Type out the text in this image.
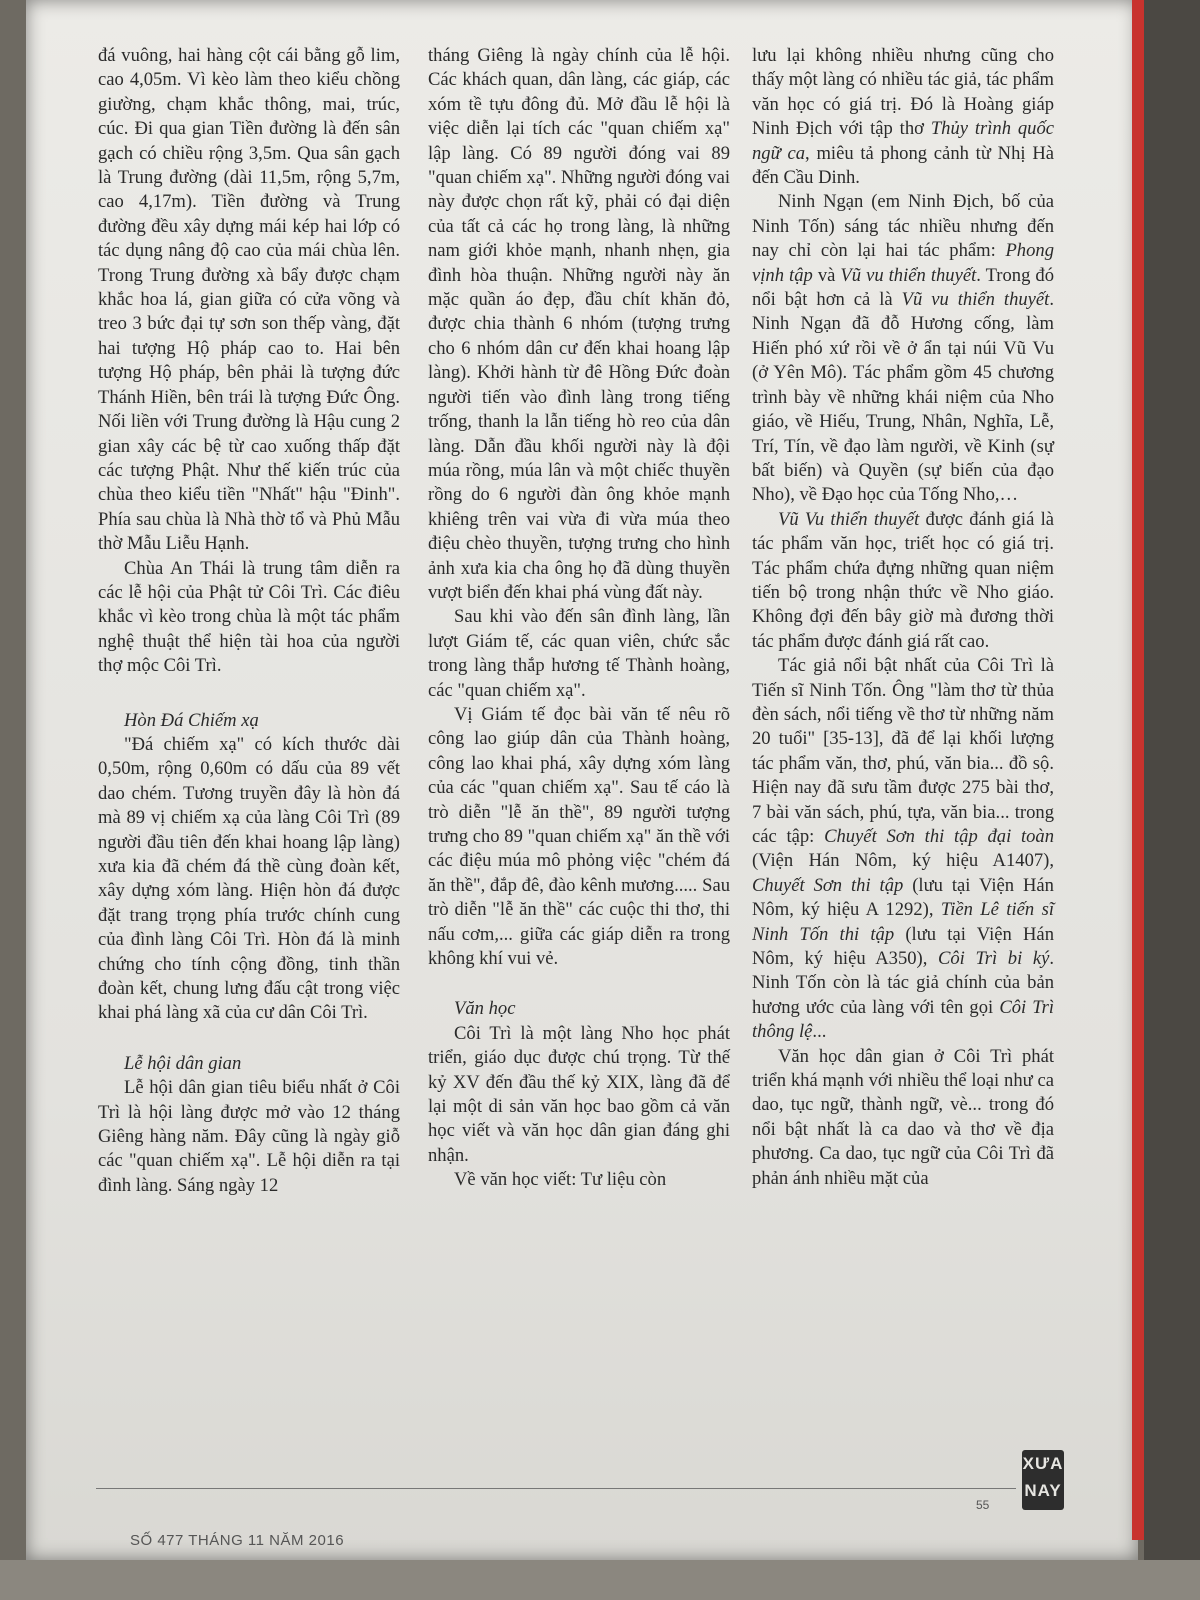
đá vuông, hai hàng cột cái bằng gỗ lim, cao 4,05m. Vì kèo làm theo kiểu chồng giường, chạm khắc thông, mai, trúc, cúc. Đi qua gian Tiền đường là đến sân gạch có chiều rộng 3,5m. Qua sân gạch là Trung đường (dài 11,5m, rộng 5,7m, cao 4,17m). Tiền đường và Trung đường đều xây dựng mái kép hai lớp có tác dụng nâng độ cao của mái chùa lên. Trong Trung đường xà bẩy được chạm khắc hoa lá, gian giữa có cửa võng và treo 3 bức đại tự sơn son thếp vàng, đặt hai tượng Hộ pháp cao to. Hai bên tượng Hộ pháp, bên phải là tượng đức Thánh Hiền, bên trái là tượng Đức Ông. Nối liền với Trung đường là Hậu cung 2 gian xây các bệ từ cao xuống thấp đặt các tượng Phật. Như thế kiến trúc của chùa theo kiểu tiền "Nhất" hậu "Đinh". Phía sau chùa là Nhà thờ tổ và Phủ Mẫu thờ Mẫu Liễu Hạnh.

Chùa An Thái là trung tâm diễn ra các lễ hội của Phật tử Côi Trì. Các điêu khắc vì kèo trong chùa là một tác phẩm nghệ thuật thể hiện tài hoa của người thợ mộc Côi Trì.

Hòn Đá Chiếm xạ

"Đá chiếm xạ" có kích thước dài 0,50m, rộng 0,60m có dấu của 89 vết dao chém. Tương truyền đây là hòn đá mà 89 vị chiếm xạ của làng Côi Trì (89 người đầu tiên đến khai hoang lập làng) xưa kia đã chém đá thề cùng đoàn kết, xây dựng xóm làng. Hiện hòn đá được đặt trang trọng phía trước chính cung của đình làng Côi Trì. Hòn đá là minh chứng cho tính cộng đồng, tinh thần đoàn kết, chung lưng đấu cật trong việc khai phá làng xã của cư dân Côi Trì.

Lễ hội dân gian

Lễ hội dân gian tiêu biểu nhất ở Côi Trì là hội làng được mở vào 12 tháng Giêng hàng năm. Đây cũng là ngày giỗ các "quan chiếm xạ". Lễ hội diễn ra tại đình làng. Sáng ngày 12

tháng Giêng là ngày chính của lễ hội. Các khách quan, dân làng, các giáp, các xóm tề tựu đông đủ. Mở đầu lễ hội là việc diễn lại tích các "quan chiếm xạ" lập làng. Có 89 người đóng vai 89 "quan chiếm xạ". Những người đóng vai này được chọn rất kỹ, phải có đại diện của tất cả các họ trong làng, là những nam giới khỏe mạnh, nhanh nhẹn, gia đình hòa thuận. Những người này ăn mặc quần áo đẹp, đầu chít khăn đỏ, được chia thành 6 nhóm (tượng trưng cho 6 nhóm dân cư đến khai hoang lập làng). Khởi hành từ đê Hồng Đức đoàn người tiến vào đình làng trong tiếng trống, thanh la lẫn tiếng hò reo của dân làng. Dẫn đầu khối người này là đội múa rồng, múa lân và một chiếc thuyền rồng do 6 người đàn ông khỏe mạnh khiêng trên vai vừa đi vừa múa theo điệu chèo thuyền, tượng trưng cho hình ảnh xưa kia cha ông họ đã dùng thuyền vượt biển đến khai phá vùng đất này.

Sau khi vào đến sân đình làng, lần lượt Giám tế, các quan viên, chức sắc trong làng thắp hương tế Thành hoàng, các "quan chiếm xạ".

Vị Giám tế đọc bài văn tế nêu rõ công lao giúp dân của Thành hoàng, công lao khai phá, xây dựng xóm làng của các "quan chiếm xạ". Sau tế cáo là trò diễn "lễ ăn thề", 89 người tượng trưng cho 89 "quan chiếm xạ" ăn thề với các điệu múa mô phỏng việc "chém đá ăn thề", đắp đê, đào kênh mương..... Sau trò diễn "lễ ăn thề" các cuộc thi thơ, thi nấu cơm,... giữa các giáp diễn ra trong không khí vui vẻ.

Văn học

Côi Trì là một làng Nho học phát triển, giáo dục được chú trọng. Từ thế kỷ XV đến đầu thế kỷ XIX, làng đã để lại một di sản văn học bao gồm cả văn học viết và văn học dân gian đáng ghi nhận.

Về văn học viết: Tư liệu còn

lưu lại không nhiều nhưng cũng cho thấy một làng có nhiều tác giả, tác phẩm văn học có giá trị. Đó là Hoàng giáp Ninh Địch với tập thơ Thủy trình quốc ngữ ca, miêu tả phong cảnh từ Nhị Hà đến Cầu Dinh.

Ninh Ngạn (em Ninh Địch, bố của Ninh Tốn) sáng tác nhiều nhưng đến nay chỉ còn lại hai tác phẩm: Phong vịnh tập và Vũ vu thiển thuyết. Trong đó nổi bật hơn cả là Vũ vu thiển thuyết. Ninh Ngạn đã đỗ Hương cống, làm Hiến phó xứ rồi về ở ẩn tại núi Vũ Vu (ở Yên Mô). Tác phẩm gồm 45 chương trình bày về những khái niệm của Nho giáo, về Hiếu, Trung, Nhân, Nghĩa, Lễ, Trí, Tín, về đạo làm người, về Kinh (sự bất biến) và Quyền (sự biến của đạo Nho), về Đạo học của Tống Nho,…

Vũ Vu thiển thuyết được đánh giá là tác phẩm văn học, triết học có giá trị. Tác phẩm chứa đựng những quan niệm tiến bộ trong nhận thức về Nho giáo. Không đợi đến bây giờ mà đương thời tác phẩm được đánh giá rất cao.

Tác giả nổi bật nhất của Côi Trì là Tiến sĩ Ninh Tốn. Ông "làm thơ từ thủa đèn sách, nổi tiếng về thơ từ những năm 20 tuổi" [35-13], đã để lại khối lượng tác phẩm văn, thơ, phú, văn bia... đồ sộ. Hiện nay đã sưu tầm được 275 bài thơ, 7 bài văn sách, phú, tựa, văn bia... trong các tập: Chuyết Sơn thi tập đại toàn (Viện Hán Nôm, ký hiệu A1407), Chuyết Sơn thi tập (lưu tại Viện Hán Nôm, ký hiệu A 1292), Tiền Lê tiến sĩ Ninh Tốn thi tập (lưu tại Viện Hán Nôm, ký hiệu A350), Côi Trì bi ký. Ninh Tốn còn là tác giả chính của bản hương ước của làng với tên gọi Côi Trì thông lệ...

Văn học dân gian ở Côi Trì phát triển khá mạnh với nhiều thể loại như ca dao, tục ngữ, thành ngữ, vè... trong đó nổi bật nhất là ca dao và thơ về địa phương. Ca dao, tục ngữ của Côi Trì đã phản ánh nhiều mặt của

55
XƯA
NAY
SỐ 477 THÁNG 11 NĂM 2016
